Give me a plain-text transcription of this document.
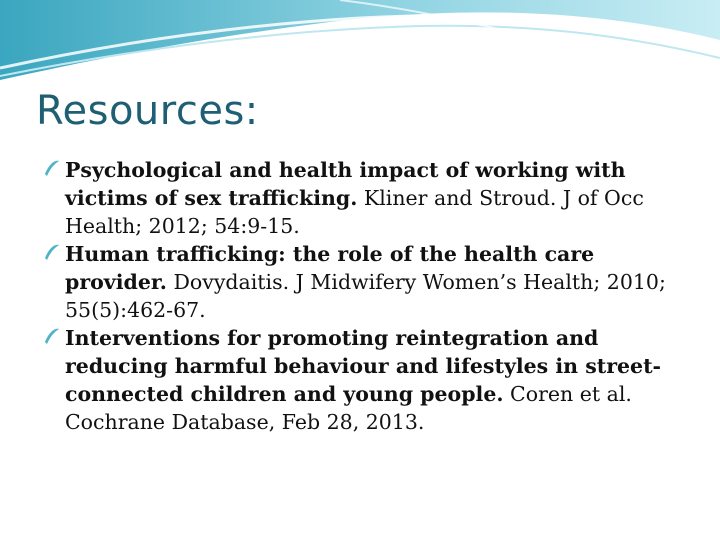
Resources:
Psychological and health impact of working with victims of sex trafficking. Kliner and Stroud. J of Occ Health; 2012; 54:9-15.
Human trafficking: the role of the health care provider. Dovydaitis. J Midwifery Women’s Health; 2010; 55(5):462-67.
Interventions for promoting reintegration and reducing harmful behaviour and lifestyles in street-connected children and young people. Coren et al. Cochrane Database, Feb 28, 2013.
